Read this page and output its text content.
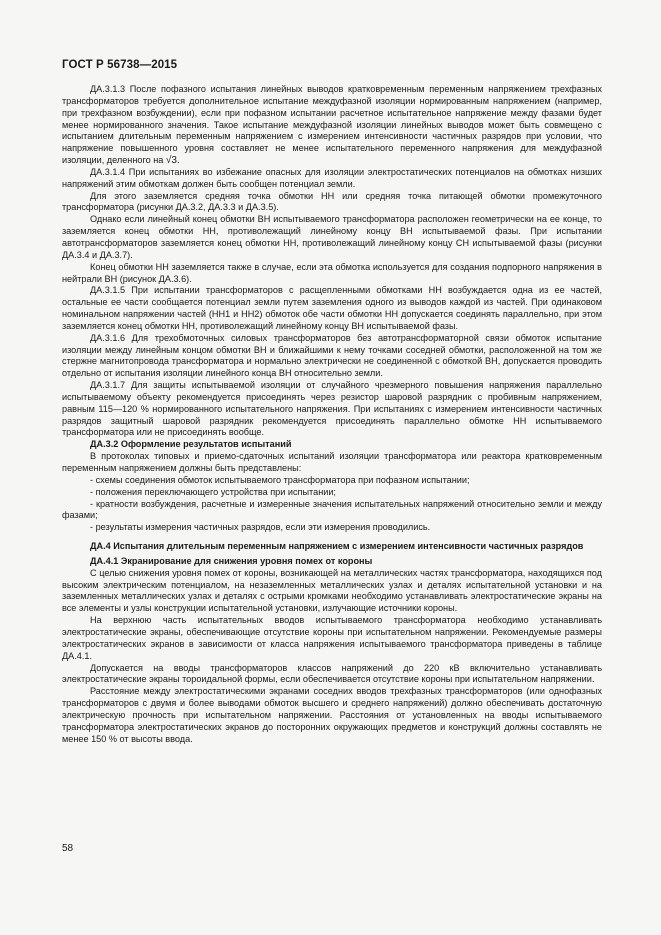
ГОСТ Р 56738—2015

ДА.3.1.3 После пофазного испытания линейных выводов кратковременным переменным напряжением трехфазных трансформаторов требуется дополнительное испытание междуфазной изоляции нормированным напряжением (например, при трехфазном возбуждении), если при пофазном испытании расчетное испытательное напряжение между фазами будет менее нормированного значения. Такое испытание междуфазной изоляции линейных выводов может быть совмещено с испытанием длительным переменным напряжением с измерением интенсивности частичных разрядов при условии, что напряжение повышенного уровня составляет не менее испытательного переменного напряжения для междуфазной изоляции, деленного на √3.

ДА.3.1.4 При испытаниях во избежание опасных для изоляции электростатических потенциалов на обмотках низших напряжений этим обмоткам должен быть сообщен потенциал земли.

Для этого заземляется средняя точка обмотки НН или средняя точка питающей обмотки промежуточного трансформатора (рисунки ДА.3.2, ДА.3.3 и ДА.3.5).

Однако если линейный конец обмотки ВН испытываемого трансформатора расположен геометрически на ее конце, то заземляется конец обмотки НН, противолежащий линейному концу ВН испытываемой фазы. При испытании автотрансформаторов заземляется конец обмотки НН, противолежащий линейному концу СН испытываемой фазы (рисунки ДА.3.4 и ДА.3.7).

Конец обмотки НН заземляется также в случае, если эта обмотка используется для создания подпорного напряжения в нейтрали ВН (рисунок ДА.3.6).

ДА.3.1.5 При испытании трансформаторов с расщепленными обмотками НН возбуждается одна из ее частей, остальные ее части сообщается потенциал земли путем заземления одного из выводов каждой из частей. При одинаковом номинальном напряжении частей (НН1 и НН2) обмоток обе части обмотки НН допускается соединять параллельно, при этом заземляется конец обмотки НН, противолежащий линейному концу ВН испытываемой фазы.

ДА.3.1.6 Для трехобмоточных силовых трансформаторов без автотрансформаторной связи обмоток испытание изоляции между линейным концом обмотки ВН и ближайшими к нему точками соседней обмотки, расположенной на том же стержне магнитопровода трансформатора и нормально электрически не соединенной с обмоткой ВН, допускается проводить отдельно от испытания изоляции линейного конца ВН относительно земли.

ДА.3.1.7 Для защиты испытываемой изоляции от случайного чрезмерного повышения напряжения параллельно испытываемому объекту рекомендуется присоединять через резистор шаровой разрядник с пробивным напряжением, равным 115—120 % нормированного испытательного напряжения. При испытаниях с измерением интенсивности частичных разрядов защитный шаровой разрядник рекомендуется присоединять параллельно обмотке НН испытываемого трансформатора или не присоединять вообще.

ДА.3.2 Оформление результатов испытаний

В протоколах типовых и приемо-сдаточных испытаний изоляции трансформатора или реактора кратковременным переменным напряжением должны быть представлены:

- схемы соединения обмоток испытываемого трансформатора при пофазном испытании;
- положения переключающего устройства при испытании;
- кратности возбуждения, расчетные и измеренные значения испытательных напряжений относительно земли и между фазами;
- результаты измерения частичных разрядов, если эти измерения проводились.

ДА.4 Испытания длительным переменным напряжением с измерением интенсивности частичных разрядов

ДА.4.1 Экранирование для снижения уровня помех от короны

С целью снижения уровня помех от короны, возникающей на металлических частях трансформатора, находящихся под высоким электрическим потенциалом, на незаземленных металлических узлах и деталях испытательной установки и на заземленных металлических узлах и деталях с острыми кромками необходимо устанавливать электростатические экраны на все элементы и узлы конструкции испытательной установки, излучающие источники короны.

На верхнюю часть испытательных вводов испытываемого трансформатора необходимо устанавливать электростатические экраны, обеспечивающие отсутствие короны при испытательном напряжении. Рекомендуемые размеры электростатических экранов в зависимости от класса напряжения испытываемого трансформатора приведены в таблице ДА.4.1.

Допускается на вводы трансформаторов классов напряжений до 220 кВ включительно устанавливать электростатические экраны тороидальной формы, если обеспечивается отсутствие короны при испытательном напряжении.

Расстояние между электростатическими экранами соседних вводов трехфазных трансформаторов (или однофазных трансформаторов с двумя и более выводами обмоток высшего и среднего напряжений) должно обеспечивать достаточную электрическую прочность при испытательном напряжении. Расстояния от установленных на вводы испытываемого трансформатора электростатических экранов до посторонних окружающих предметов и конструкций должны составлять не менее 150 % от высоты ввода.

58
